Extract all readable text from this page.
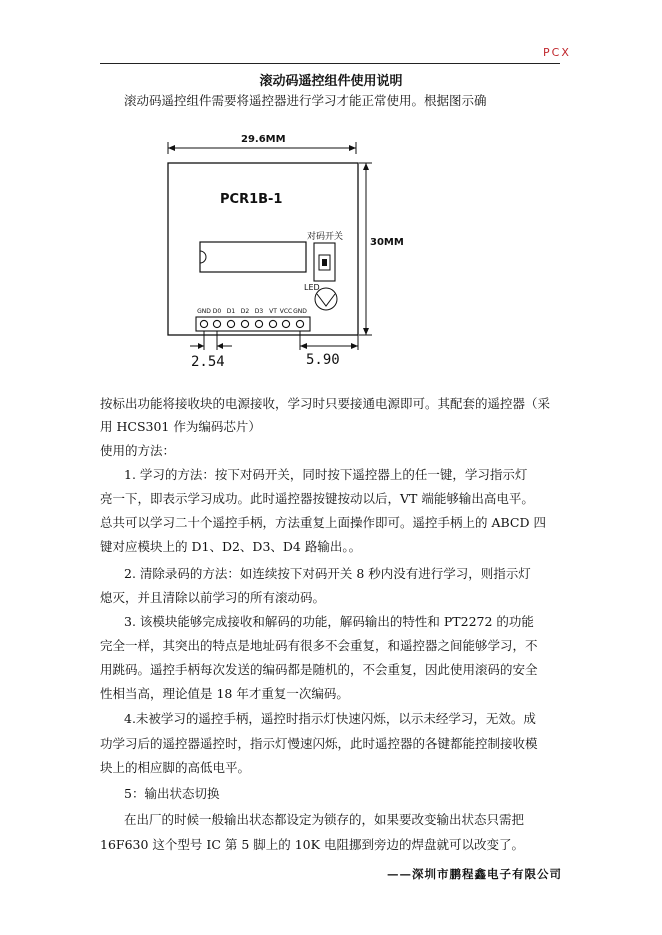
PCX
滚动码遥控组件使用说明
滚动码遥控组件需要将遥控器进行学习才能正常使用。根据图示确
29.6MM
PCR1B-1
对码开关
LED
GND D0 D1 D2 D3 VT VCC GND
30MM
2.54	5.90
按标出功能将接收块的电源接收，学习时只要接通电源即可。其配套的遥控器（采
用 HCS301 作为编码芯片）
使用的方法：
1. 学习的方法：按下对码开关，同时按下遥控器上的任一键，学习指示灯
亮一下，即表示学习成功。此时遥控器按键按动以后，VT 端能够输出高电平。
总共可以学习二十个遥控手柄，方法重复上面操作即可。遥控手柄上的 ABCD 四
键对应模块上的 D1、D2、D3、D4 路输出。。
2. 清除录码的方法：如连续按下对码开关 8 秒内没有进行学习，则指示灯
熄灭，并且清除以前学习的所有滚动码。
3. 该模块能够完成接收和解码的功能，解码输出的特性和 PT2272 的功能
完全一样，其突出的特点是地址码有很多不会重复，和遥控器之间能够学习，不
用跳码。遥控手柄每次发送的编码都是随机的，不会重复，因此使用滚码的安全
性相当高，理论值是 18 年才重复一次编码。
4.未被学习的遥控手柄，遥控时指示灯快速闪烁，以示未经学习，无效。成
功学习后的遥控器遥控时，指示灯慢速闪烁，此时遥控器的各键都能控制接收模
块上的相应脚的高低电平。
5：输出状态切换
在出厂的时候一般输出状态都设定为锁存的，如果要改变输出状态只需把
16F630 这个型号 IC 第 5 脚上的 10K 电阻挪到旁边的焊盘就可以改变了。
——深圳市鹏程鑫电子有限公司
